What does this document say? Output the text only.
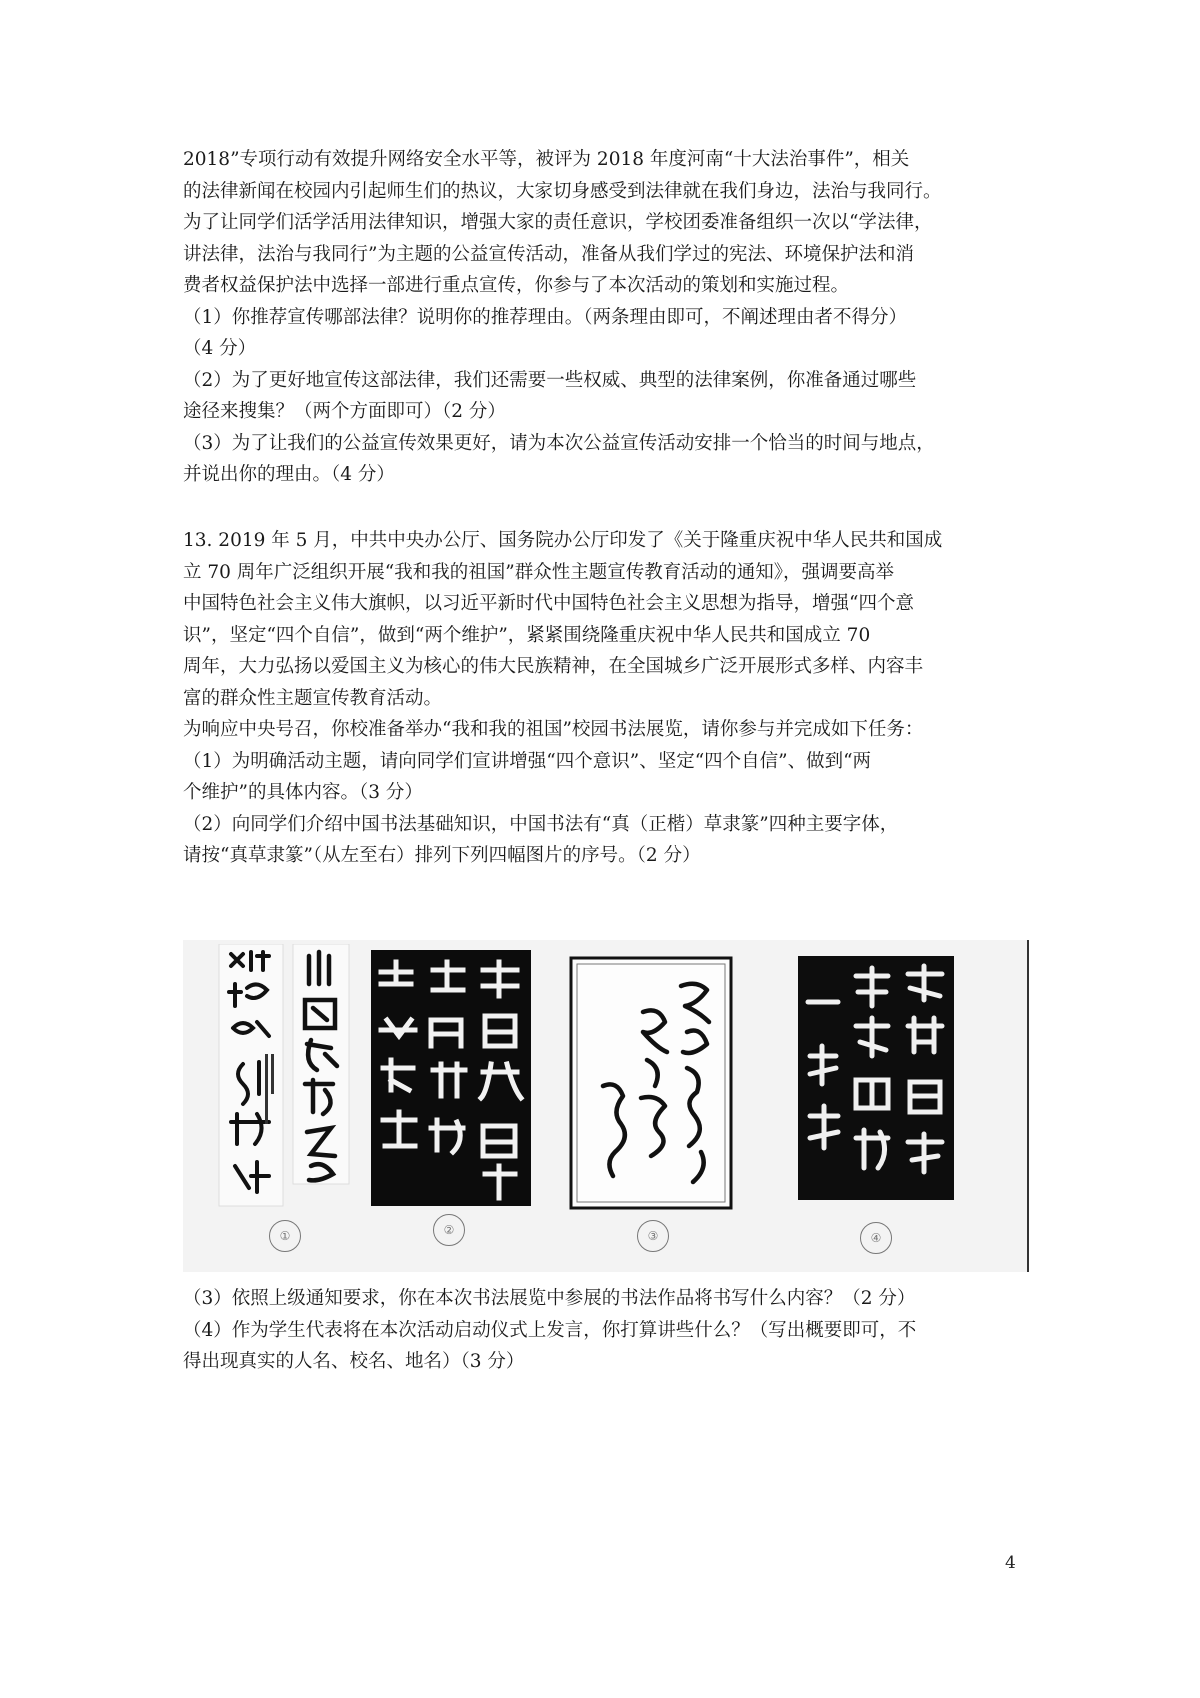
2018”专项行动有效提升网络安全水平等，被评为 2018 年度河南“十大法治事件”，相关

的法律新闻在校园内引起师生们的热议，大家切身感受到法律就在我们身边，法治与我同行。

为了让同学们活学活用法律知识，增强大家的责任意识，学校团委准备组织一次以“学法律，

讲法律，法治与我同行”为主题的公益宣传活动，准备从我们学过的宪法、环境保护法和消

费者权益保护法中选择一部进行重点宣传，你参与了本次活动的策划和实施过程。

（1）你推荐宣传哪部法律？说明你的推荐理由。（两条理由即可，不阐述理由者不得分）

（4 分）

（2）为了更好地宣传这部法律，我们还需要一些权威、典型的法律案例，你准备通过哪些

途径来搜集？（两个方面即可）（2 分）

（3）为了让我们的公益宣传效果更好，请为本次公益宣传活动安排一个恰当的时间与地点，

并说出你的理由。（4 分）

13. 2019 年 5 月，中共中央办公厅、国务院办公厅印发了《关于隆重庆祝中华人民共和国成

立 70 周年广泛组织开展“我和我的祖国”群众性主题宣传教育活动的通知》，强调要高举

中国特色社会主义伟大旗帜，以习近平新时代中国特色社会主义思想为指导，增强“四个意

识”，坚定“四个自信”，做到“两个维护”，紧紧围绕隆重庆祝中华人民共和国成立 70

周年，大力弘扬以爱国主义为核心的伟大民族精神，在全国城乡广泛开展形式多样、内容丰

富的群众性主题宣传教育活动。

为响应中央号召，你校准备举办“我和我的祖国”校园书法展览，请你参与并完成如下任务：

（1）为明确活动主题，请向同学们宣讲增强“四个意识”、坚定“四个自信”、做到“两

个维护”的具体内容。（3 分）

（2）向同学们介绍中国书法基础知识，中国书法有“真（正楷）草隶篆”四种主要字体，

请按“真草隶篆”（从左至右）排列下列四幅图片的序号。（2 分）

①	②	③	④

（3）依照上级通知要求，你在本次书法展览中参展的书法作品将书写什么内容？（2 分）

（4）作为学生代表将在本次活动启动仪式上发言，你打算讲些什么？（写出概要即可，不

得出现真实的人名、校名、地名）（3 分）

4
